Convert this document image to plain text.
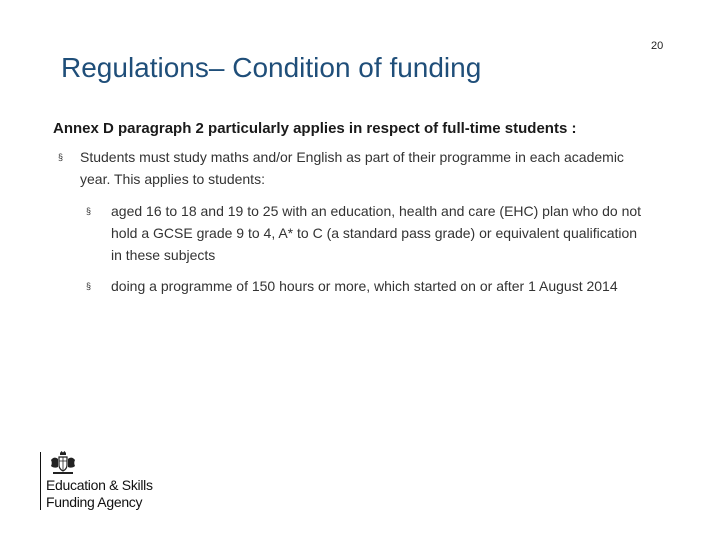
20
Regulations– Condition of funding
Annex D paragraph 2 particularly applies in respect of full-time students :
§ Students must study maths and/or English as part of their programme in each academic year. This applies to students:
§ aged 16 to 18 and 19 to 25 with an education, health and care (EHC) plan who do not hold a GCSE grade 9 to 4, A* to C (a standard pass grade) or equivalent qualification in these subjects
§ doing a programme of 150 hours or more, which started on or after 1 August 2014
Education & Skills
Funding Agency
